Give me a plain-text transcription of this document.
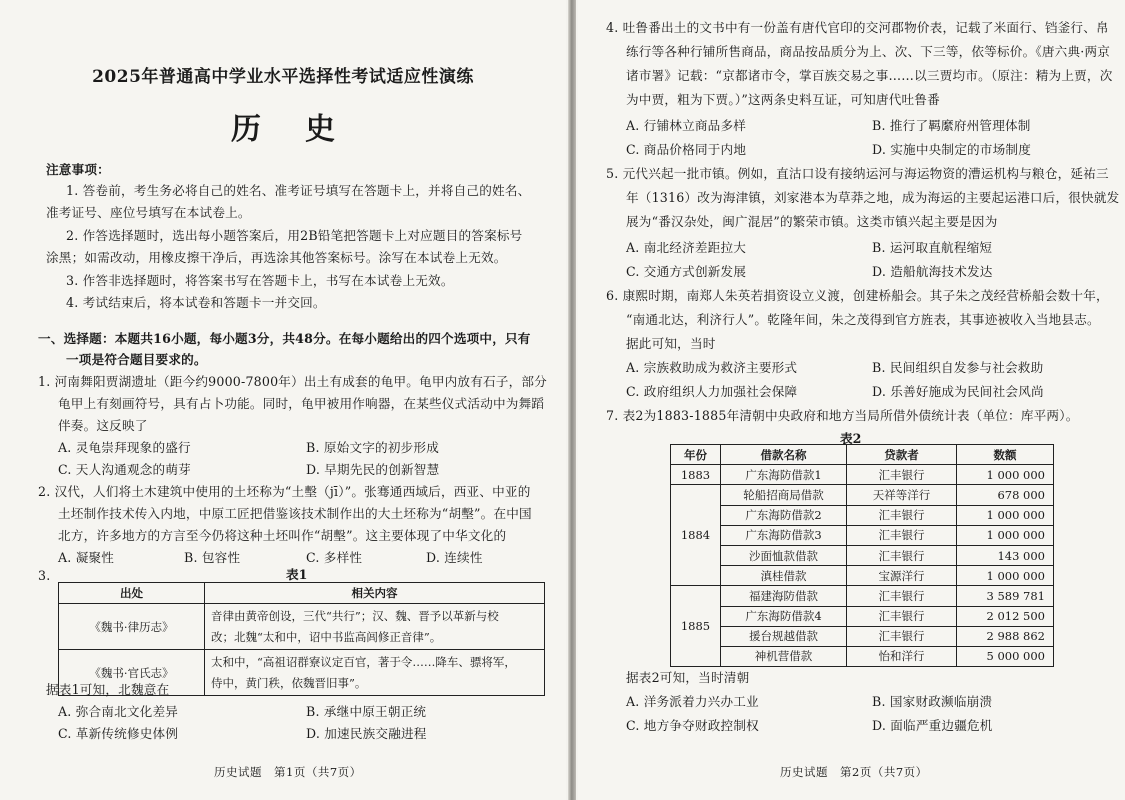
2025年普通高中学业水平选择性考试适应性演练
历史
注意事项：
1. 答卷前，考生务必将自己的姓名、准考证号填写在答题卡上，并将自己的姓名、
准考证号、座位号填写在本试卷上。
2. 作答选择题时，选出每小题答案后，用2B铅笔把答题卡上对应题目的答案标号
涂黑；如需改动，用橡皮擦干净后，再选涂其他答案标号。涂写在本试卷上无效。
3. 作答非选择题时，将答案书写在答题卡上，书写在本试卷上无效。
4. 考试结束后，将本试卷和答题卡一并交回。
一、选择题：本题共16小题，每小题3分，共48分。在每小题给出的四个选项中，只有
一项是符合题目要求的。
1. 河南舞阳贾湖遗址（距今约9000-7800年）出土有成套的龟甲。龟甲内放有石子，部分
龟甲上有刻画符号，具有占卜功能。同时，龟甲被用作响器，在某些仪式活动中为舞蹈
伴奏。这反映了
A. 灵龟崇拜现象的盛行	B. 原始文字的初步形成
C. 天人沟通观念的萌芽	D. 早期先民的创新智慧
2. 汉代，人们将土木建筑中使用的土坯称为“土墼（jī）”。张骞通西域后，西亚、中亚的
土坯制作技术传入内地，中原工匠把借鉴该技术制作出的大土坯称为“胡墼”。在中国
北方，许多地方的方言至今仍将这种土坯叫作“胡墼”。这主要体现了中华文化的
A. 凝聚性	B. 包容性	C. 多样性	D. 连续性
3.	表1
出处	相关内容
《魏书·律历志》	音律由黄帝创设，三代“共行”；汉、魏、晋予以革新与校
改；北魏“太和中，诏中书监高闾修正音律”。

《魏书·官氏志》	太和中，“高祖诏群寮议定百官，著于令……降车、骠将军，
侍中，黄门秩，依魏晋旧事”。
据表1可知，北魏意在
A. 弥合南北文化差异	B. 承继中原王朝正统
C. 革新传统修史体例	D. 加速民族交融进程
历史试题　第1页（共7页）
4. 吐鲁番出土的文书中有一份盖有唐代官印的交河郡物价表，记载了米面行、铛釜行、帛
练行等各种行铺所售商品，商品按品质分为上、次、下三等，依等标价。《唐六典·两京
诸市署》记载：“京都诸市令，掌百族交易之事……以三贾均市。（原注：精为上贾，次
为中贾，粗为下贾。）”这两条史料互证，可知唐代吐鲁番
A. 行铺林立商品多样	B. 推行了羁縻府州管理体制
C. 商品价格同于内地	D. 实施中央制定的市场制度
5. 元代兴起一批市镇。例如，直沽口设有接纳运河与海运物资的漕运机构与粮仓，延祐三
年（1316）改为海津镇，刘家港本为草莽之地，成为海运的主要起运港口后，很快就发
展为“番汉杂处，闽广混居”的繁荣市镇。这类市镇兴起主要是因为
A. 南北经济差距拉大	B. 运河取直航程缩短
C. 交通方式创新发展	D. 造船航海技术发达
6. 康熙时期，南郑人朱英若捐资设立义渡，创建桥船会。其子朱之茂经营桥船会数十年，
“南通北达，利济行人”。乾隆年间，朱之茂得到官方旌表，其事迹被收入当地县志。
据此可知，当时
A. 宗族救助成为救济主要形式	B. 民间组织自发参与社会救助
C. 政府组织人力加强社会保障	D. 乐善好施成为民间社会风尚
7. 表2为1883-1885年清朝中央政府和地方当局所借外债统计表（单位：库平两）。
表2
年份	借款名称	贷款者	数额
1883	广东海防借款1	汇丰银行	1 000 000
1884	轮船招商局借款	天祥等洋行	678 000
	广东海防借款2	汇丰银行	1 000 000
	广东海防借款3	汇丰银行	1 000 000
	沙面恤款借款	汇丰银行	143 000
	滇桂借款	宝源洋行	1 000 000
1885	福建海防借款	汇丰银行	3 589 781
	广东海防借款4	汇丰银行	2 012 500
	援台规越借款	汇丰银行	2 988 862
	神机营借款	怡和洋行	5 000 000
据表2可知，当时清朝
A. 洋务派着力兴办工业	B. 国家财政濒临崩溃
C. 地方争夺财政控制权	D. 面临严重边疆危机
历史试题　第2页（共7页）
